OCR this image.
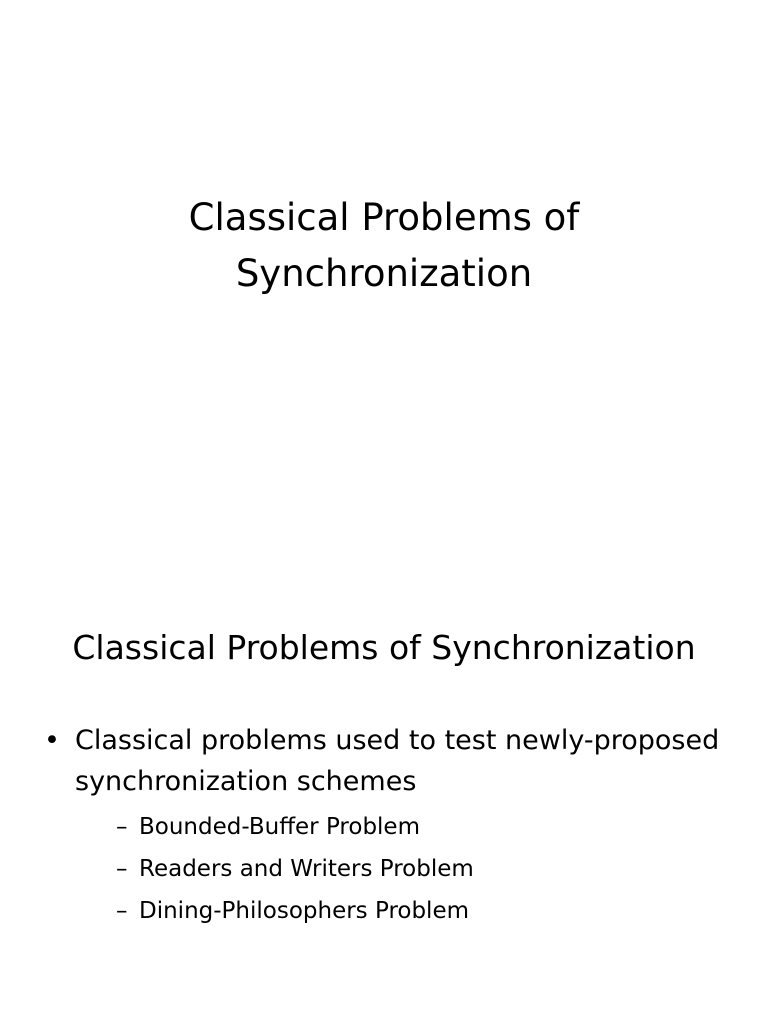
Classical Problems of
Synchronization
Classical Problems of Synchronization
• Classical problems used to test newly-proposed synchronization schemes
– Bounded-Buffer Problem
– Readers and Writers Problem
– Dining-Philosophers Problem
